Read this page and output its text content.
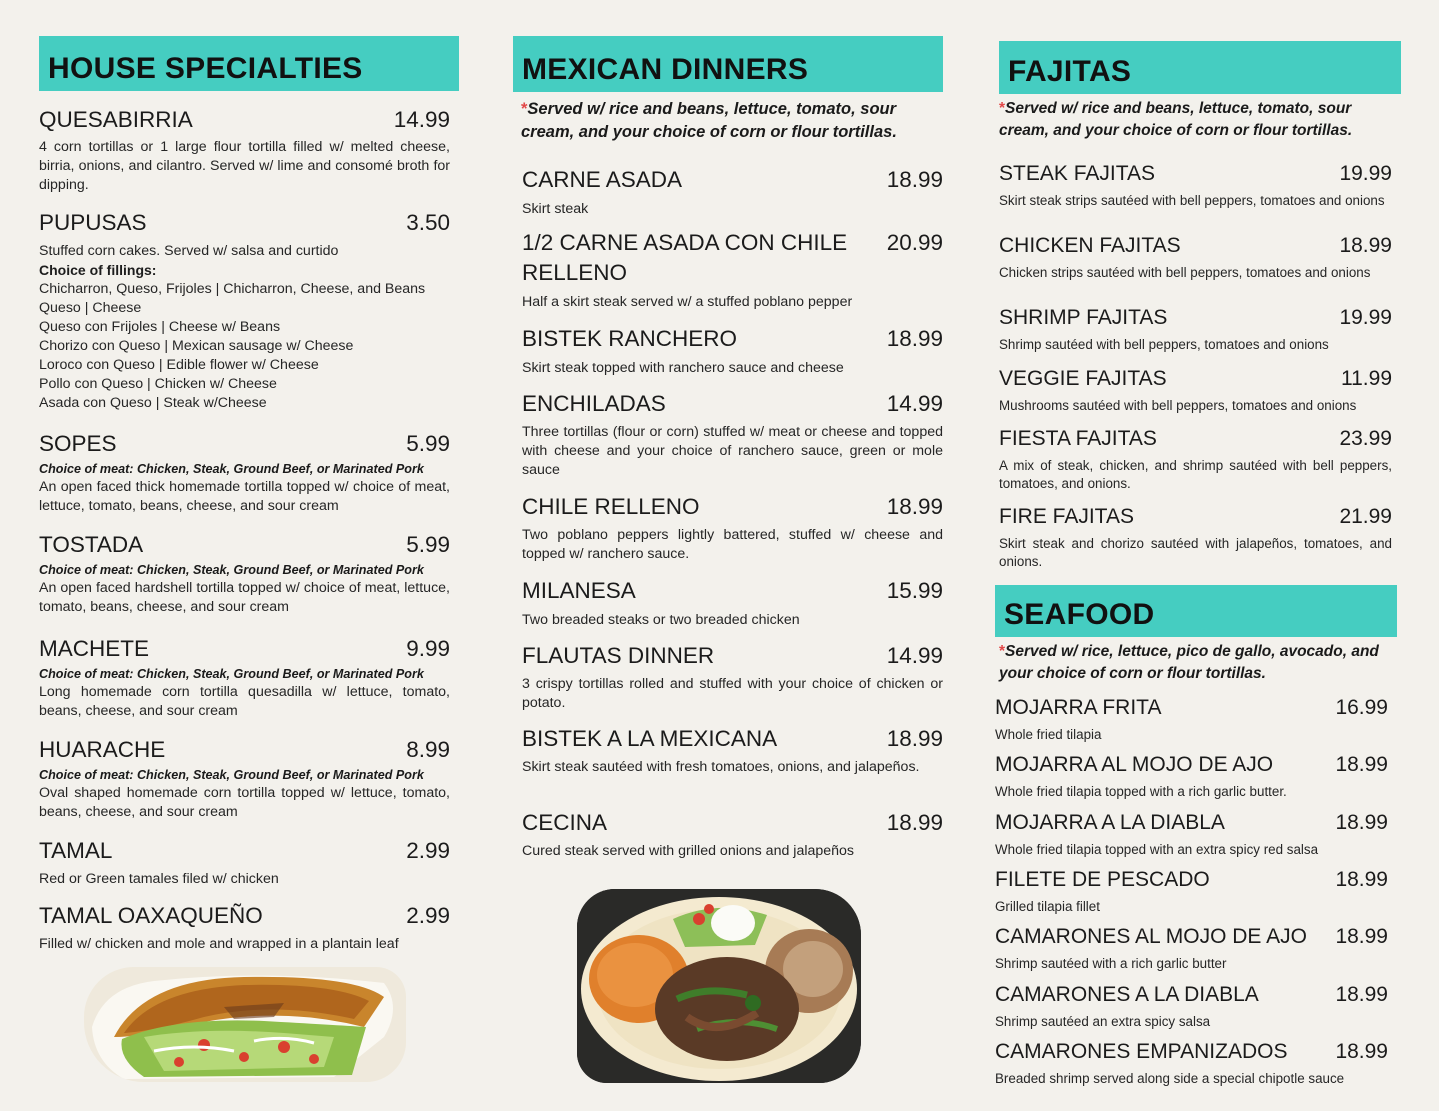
HOUSE SPECIALTIES
QUESABIRRIA	14.99
4 corn tortillas or 1 large flour tortilla filled w/ melted cheese, birria, onions, and cilantro. Served w/ lime and consomé broth for dipping.
PUPUSAS	3.50
Stuffed corn cakes. Served w/ salsa and curtido
Choice of fillings:
Chicharron, Queso, Frijoles | Chicharron, Cheese, and Beans
Queso | Cheese
Queso con Frijoles | Cheese w/ Beans
Chorizo con Queso | Mexican sausage w/ Cheese
Loroco con Queso | Edible flower w/ Cheese
Pollo con Queso | Chicken w/ Cheese
Asada con Queso | Steak w/Cheese
SOPES	5.99
Choice of meat: Chicken, Steak, Ground Beef, or Marinated Pork
An open faced thick homemade tortilla topped w/ choice of meat, lettuce, tomato, beans, cheese, and sour cream
TOSTADA	5.99
Choice of meat: Chicken, Steak, Ground Beef, or Marinated Pork
An open faced hardshell tortilla topped w/ choice of meat, lettuce, tomato, beans, cheese, and sour cream
MACHETE	9.99
Choice of meat: Chicken, Steak, Ground Beef, or Marinated Pork
Long homemade corn tortilla quesadilla w/ lettuce, tomato, beans, cheese, and sour cream
HUARACHE	8.99
Choice of meat: Chicken, Steak, Ground Beef, or Marinated Pork
Oval shaped homemade corn tortilla topped w/ lettuce, tomato, beans, cheese, and sour cream
TAMAL	2.99
Red or Green tamales filed w/ chicken
TAMAL OAXAQUEÑO	2.99
Filled w/ chicken and mole and wrapped in a plantain leaf
MEXICAN DINNERS
*Served w/ rice and beans, lettuce, tomato, sour cream, and your choice of corn or flour tortillas.
CARNE ASADA	18.99
Skirt steak
1/2 CARNE ASADA CON CHILE RELLENO
20.99
Half a skirt steak served w/ a stuffed poblano pepper
BISTEK RANCHERO	18.99
Skirt steak topped with ranchero sauce and cheese
ENCHILADAS	14.99
Three tortillas (flour or corn) stuffed w/ meat or cheese and topped with cheese and your choice of ranchero sauce, green or mole sauce
CHILE RELLENO	18.99
Two poblano peppers lightly battered, stuffed w/ cheese and topped w/ ranchero sauce.
MILANESA	15.99
Two breaded steaks or two breaded chicken
FLAUTAS DINNER	14.99
3 crispy tortillas rolled and stuffed with your choice of chicken or potato.
BISTEK A LA MEXICANA	18.99
Skirt steak sautéed with fresh tomatoes, onions, and jalapeños.
CECINA	18.99
Cured steak served with grilled onions and jalapeños
FAJITAS
*Served w/ rice and beans, lettuce, tomato, sour cream, and your choice of corn or flour tortillas.
STEAK FAJITAS	19.99
Skirt steak strips sautéed with bell peppers, tomatoes and onions
CHICKEN FAJITAS	18.99
Chicken strips sautéed with bell peppers, tomatoes and onions
SHRIMP FAJITAS	19.99
Shrimp sautéed with bell peppers, tomatoes and onions
VEGGIE FAJITAS	11.99
Mushrooms sautéed with bell peppers, tomatoes and onions
FIESTA FAJITAS	23.99
A mix of steak, chicken, and shrimp sautéed with bell peppers, tomatoes, and onions.
FIRE FAJITAS	21.99
Skirt steak and chorizo sautéed with jalapeños, tomatoes, and onions.
SEAFOOD
*Served w/ rice, lettuce, pico de gallo, avocado, and your choice of corn or flour tortillas.
MOJARRA FRITA	16.99
Whole fried tilapia
MOJARRA AL MOJO DE AJO	18.99
Whole fried tilapia topped with a rich garlic butter.
MOJARRA A LA DIABLA	18.99
Whole fried tilapia topped with an extra spicy red salsa
FILETE DE PESCADO	18.99
Grilled tilapia fillet
CAMARONES AL MOJO DE AJO	18.99
Shrimp sautéed with a rich garlic butter
CAMARONES A LA DIABLA	18.99
Shrimp sautéed an extra spicy salsa
CAMARONES EMPANIZADOS	18.99
Breaded shrimp served along side a special chipotle sauce
